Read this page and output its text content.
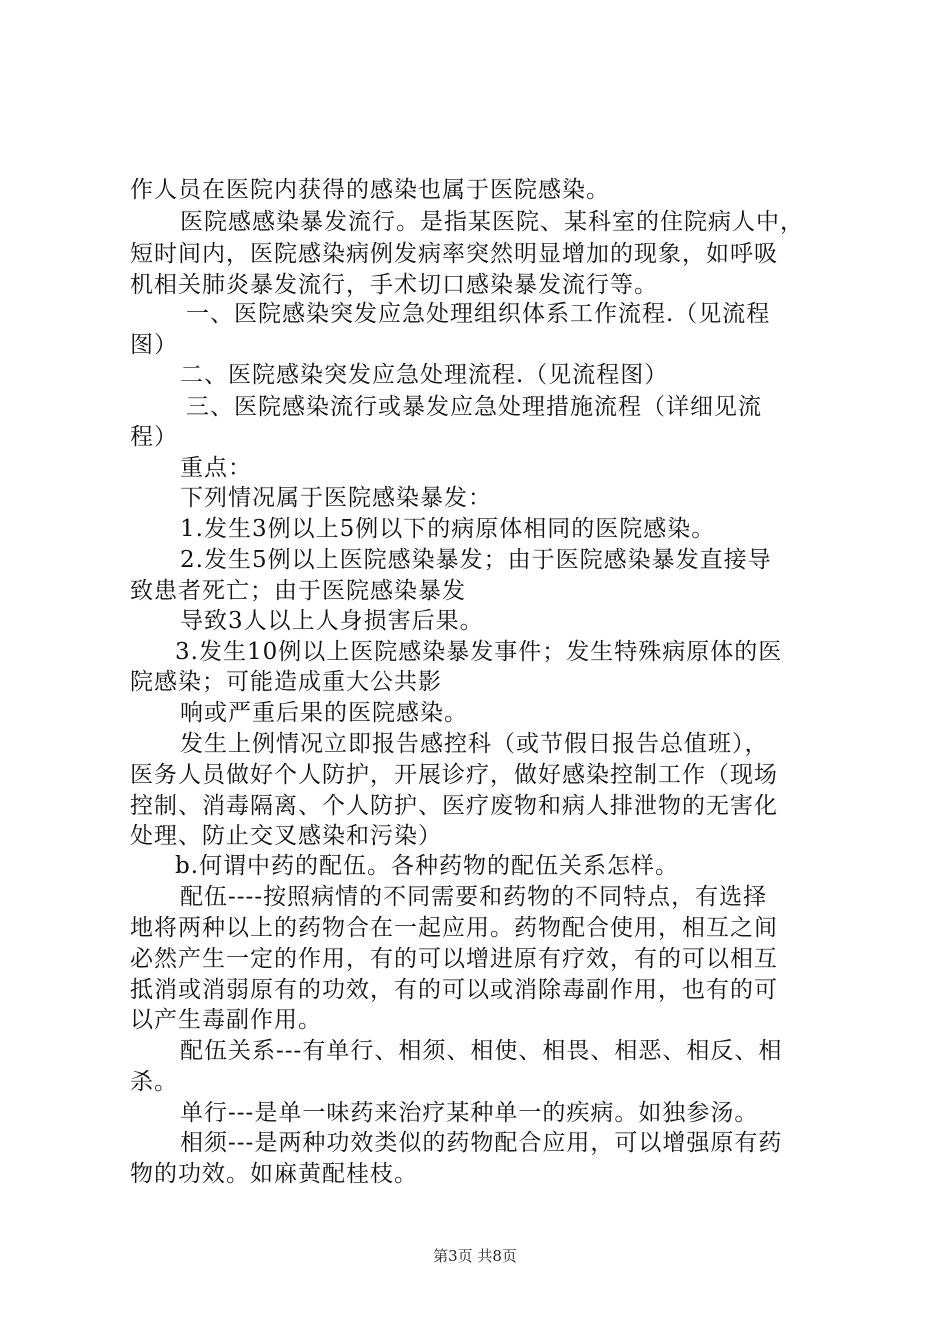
作人员在医院内获得的感染也属于医院感染。
医院感感染暴发流行。是指某医院、某科室的住院病人中，
短时间内，医院感染病例发病率突然明显增加的现象，如呼吸
机相关肺炎暴发流行，手术切口感染暴发流行等。
一、医院感染突发应急处理组织体系工作流程.（见流程
图）
二、医院感染突发应急处理流程.（见流程图）
三、医院感染流行或暴发应急处理措施流程（详细见流
程）
重点：
下列情况属于医院感染暴发：
1.发生3例以上5例以下的病原体相同的医院感染。
2.发生5例以上医院感染暴发；由于医院感染暴发直接导
致患者死亡；由于医院感染暴发
导致3人以上人身损害后果。
3.发生10例以上医院感染暴发事件；发生特殊病原体的医
院感染；可能造成重大公共影
响或严重后果的医院感染。
发生上例情况立即报告感控科（或节假日报告总值班），
医务人员做好个人防护，开展诊疗，做好感染控制工作（现场
控制、消毒隔离、个人防护、医疗废物和病人排泄物的无害化
处理、防止交叉感染和污染）
b.何谓中药的配伍。各种药物的配伍关系怎样。
配伍----按照病情的不同需要和药物的不同特点，有选择
地将两种以上的药物合在一起应用。药物配合使用，相互之间
必然产生一定的作用，有的可以增进原有疗效，有的可以相互
抵消或消弱原有的功效，有的可以或消除毒副作用，也有的可
以产生毒副作用。
配伍关系---有单行、相须、相使、相畏、相恶、相反、相
杀。
单行---是单一味药来治疗某种单一的疾病。如独参汤。
相须---是两种功效类似的药物配合应用，可以增强原有药
物的功效。如麻黄配桂枝。
第3页 共8页
